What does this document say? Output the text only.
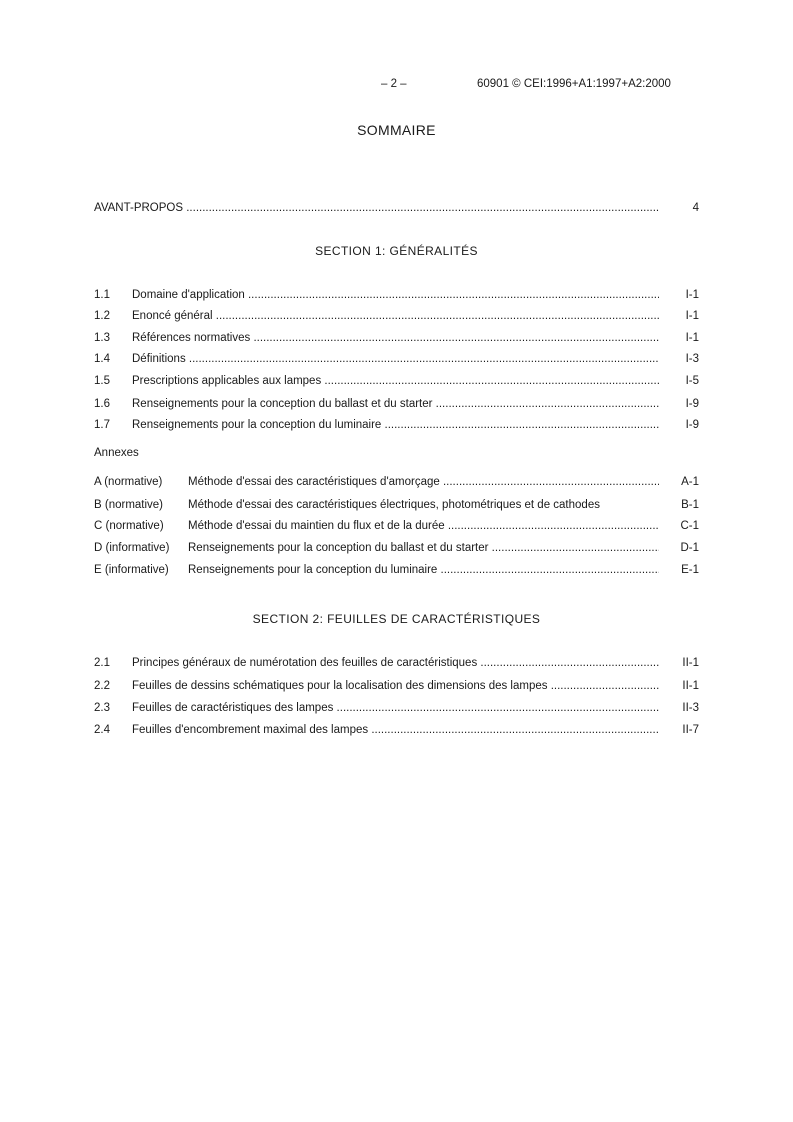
– 2 –	60901 © CEI:1996+A1:1997+A2:2000
SOMMAIRE
AVANT-PROPOS .....	4
SECTION 1: GÉNÉRALITÉS
1.1 Domaine d'application .....	I-1
1.2 Enoncé général .....	I-1
1.3 Références normatives .....	I-1
1.4 Définitions .....	I-3
1.5 Prescriptions applicables aux lampes .....	I-5
1.6 Renseignements pour la conception du ballast et du starter .....	I-9
1.7 Renseignements pour la conception du luminaire .....	I-9
Annexes
A (normative) Méthode d'essai des caractéristiques d'amorçage .....	A-1
B (normative) Méthode d'essai des caractéristiques électriques, photométriques et de cathodes	B-1
C (normative) Méthode d'essai du maintien du flux et de la durée .....	C-1
D (informative) Renseignements pour la conception du ballast et du starter .....	D-1
E (informative) Renseignements pour la conception du luminaire .....	E-1
SECTION 2: FEUILLES DE CARACTÉRISTIQUES
2.1 Principes généraux de numérotation des feuilles de caractéristiques .....	II-1
2.2 Feuilles de dessins schématiques pour la localisation des dimensions des lampes .....	II-1
2.3 Feuilles de caractéristiques des lampes .....	II-3
2.4 Feuilles d'encombrement maximal des lampes .....	II-7
